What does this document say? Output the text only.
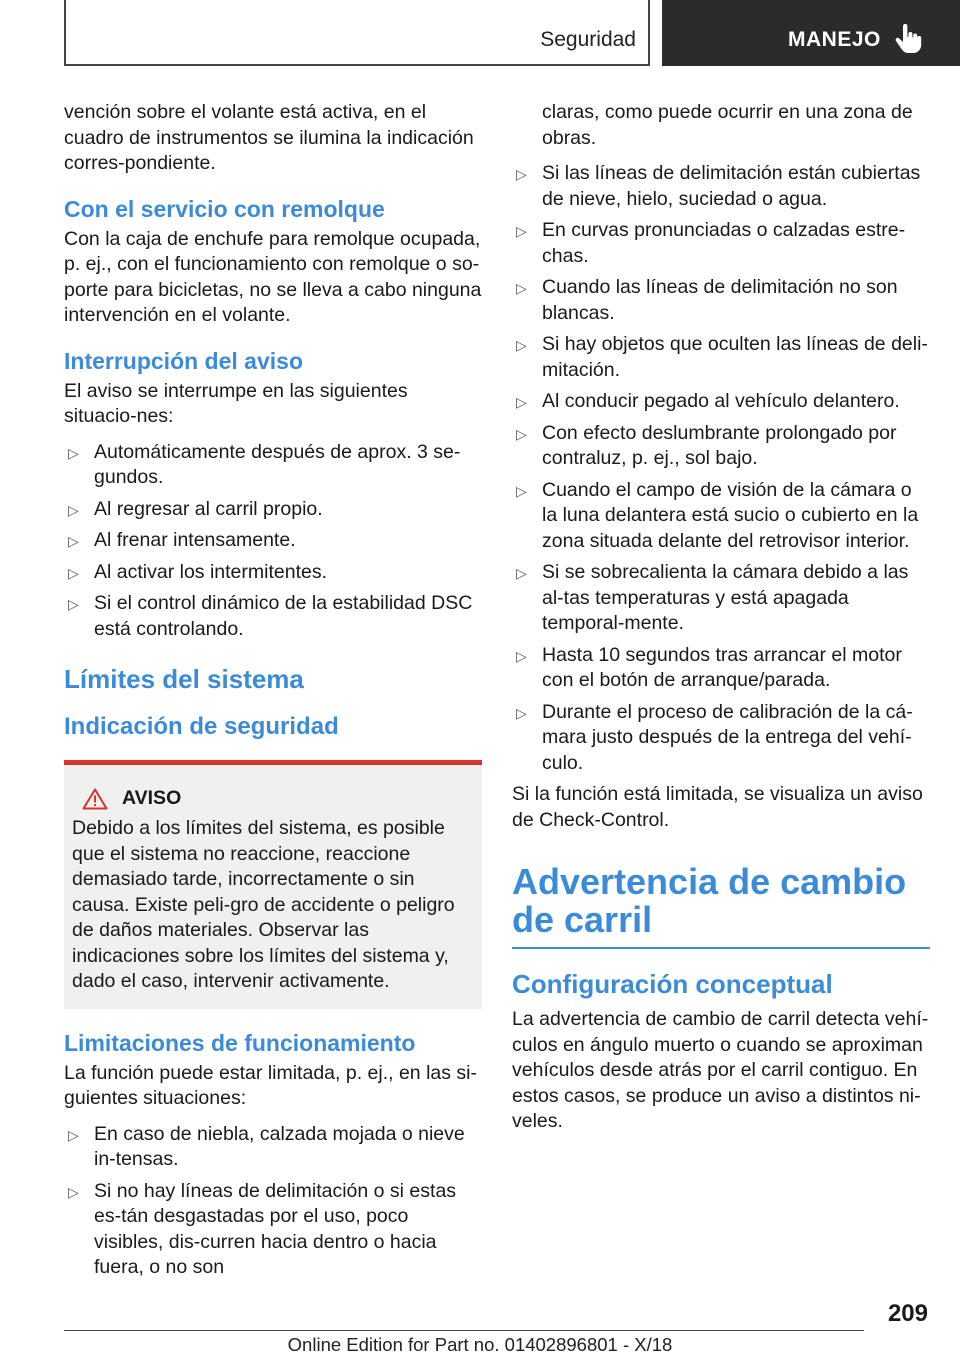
Seguridad	MANEJO

vención sobre el volante está activa, en el cuadro de instrumentos se ilumina la indicación corres-pondiente.

Con el servicio con remolque

Con la caja de enchufe para remolque ocupada, p. ej., con el funcionamiento con remolque o so-porte para bicicletas, no se lleva a cabo ninguna intervención en el volante.

Interrupción del aviso

El aviso se interrumpe en las siguientes situacio-nes:

▷ Automáticamente después de aprox. 3 se-gundos.
▷ Al regresar al carril propio.
▷ Al frenar intensamente.
▷ Al activar los intermitentes.
▷ Si el control dinámico de la estabilidad DSC está controlando.
Límites del sistema
Indicación de seguridad
AVISO

Debido a los límites del sistema, es posible que el sistema no reaccione, reaccione demasiado tarde, incorrectamente o sin causa. Existe peli-gro de accidente o peligro de daños materiales. Observar las indicaciones sobre los límites del sistema y, dado el caso, intervenir activamente.

Limitaciones de funcionamiento

La función puede estar limitada, p. ej., en las si-guientes situaciones:

▷ En caso de niebla, calzada mojada o nieve in-tensas.
▷ Si no hay líneas de delimitación o si estas es-tán desgastadas por el uso, poco visibles, dis-curren hacia dentro o hacia fuera, o no son

claras, como puede ocurrir en una zona de obras.

▷ Si las líneas de delimitación están cubiertas de nieve, hielo, suciedad o agua.
▷ En curvas pronunciadas o calzadas estre-chas.
▷ Cuando las líneas de delimitación no son blancas.
▷ Si hay objetos que oculten las líneas de deli-mitación.
▷ Al conducir pegado al vehículo delantero.
▷ Con efecto deslumbrante prolongado por contraluz, p. ej., sol bajo.
▷ Cuando el campo de visión de la cámara o la luna delantera está sucio o cubierto en la zona situada delante del retrovisor interior.
▷ Si se sobrecalienta la cámara debido a las al-tas temperaturas y está apagada temporal-mente.
▷ Hasta 10 segundos tras arrancar el motor con el botón de arranque/parada.
▷ Durante el proceso de calibración de la cá-mara justo después de la entrega del vehí-culo.

Si la función está limitada, se visualiza un aviso de Check-Control.

Advertencia de cambio de carril
Configuración conceptual

La advertencia de cambio de carril detecta vehí-culos en ángulo muerto o cuando se aproximan vehículos desde atrás por el carril contiguo. En estos casos, se produce un aviso a distintos ni-veles.

209
Online Edition for Part no. 01402896801 - X/18
